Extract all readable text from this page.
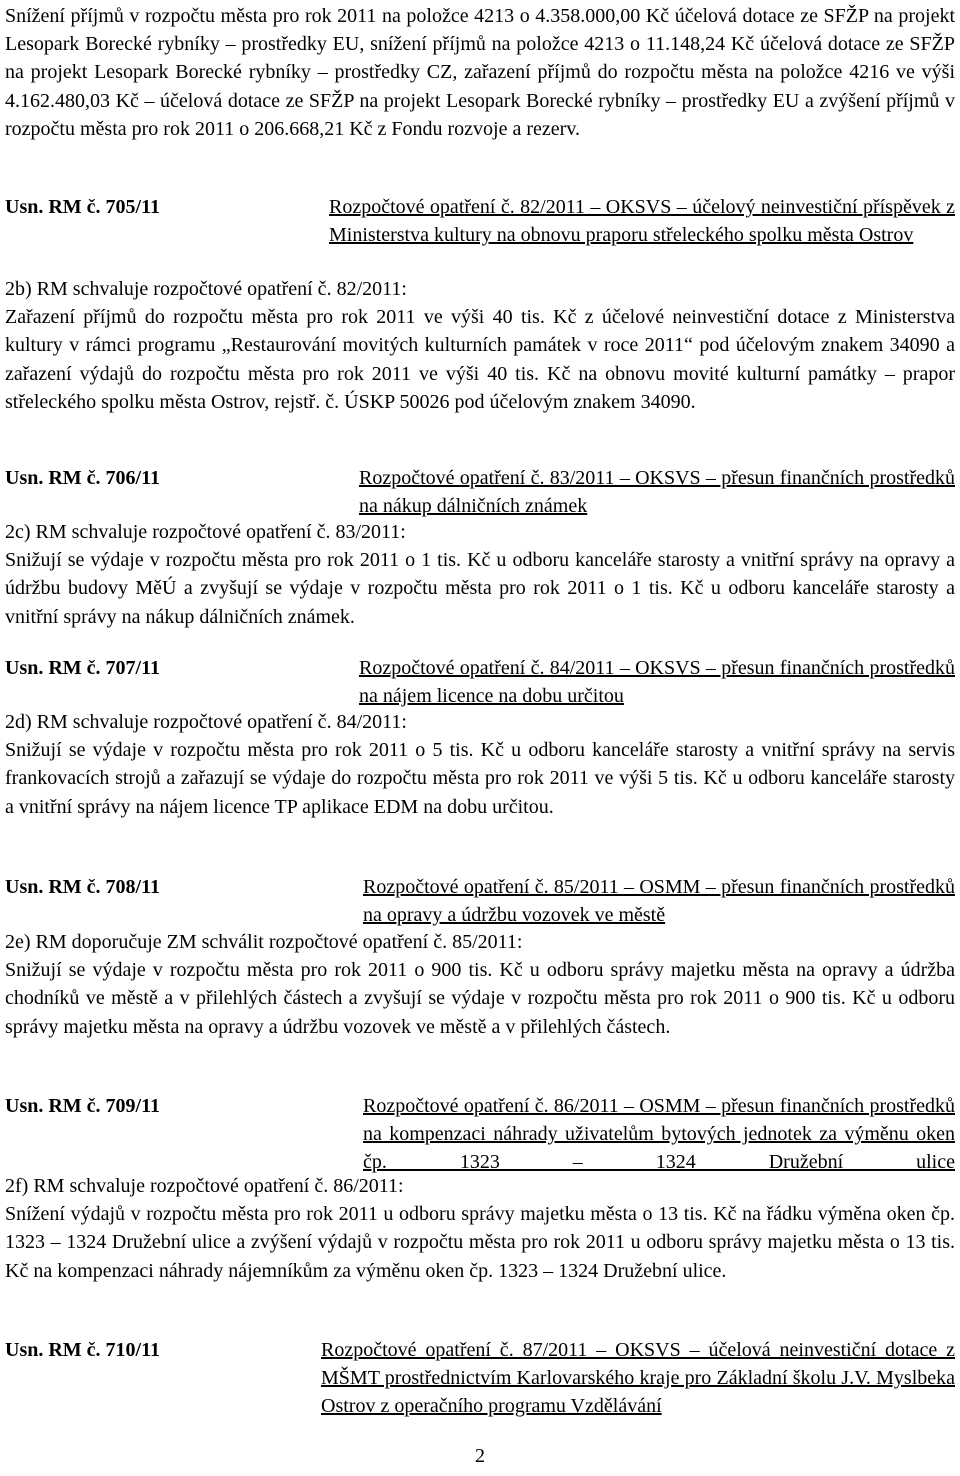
Snížení příjmů v rozpočtu města pro rok 2011 na položce 4213 o 4.358.000,00 Kč účelová dotace ze SFŽP na projekt Lesopark Borecké rybníky – prostředky EU, snížení příjmů na položce 4213 o 11.148,24 Kč účelová dotace ze SFŽP na projekt Lesopark Borecké rybníky – prostředky CZ, zařazení příjmů do rozpočtu města na položce 4216 ve výši 4.162.480,03 Kč – účelová dotace ze SFŽP na projekt Lesopark Borecké rybníky – prostředky EU a zvýšení příjmů v rozpočtu města pro rok 2011 o 206.668,21 Kč z Fondu rozvoje a rezerv.
Usn. RM č. 705/11	Rozpočtové opatření č. 82/2011 – OKSVS – účelový neinvestiční příspěvek z Ministerstva kultury na obnovu praporu střeleckého spolku města Ostrov

2b) RM schvaluje rozpočtové opatření č. 82/2011:

Zařazení příjmů do rozpočtu města pro rok 2011 ve výši 40 tis. Kč z účelové neinvestiční dotace z Ministerstva kultury v rámci programu „Restaurování movitých kulturních památek v roce 2011“ pod účelovým znakem 34090 a zařazení výdajů do rozpočtu města pro rok 2011 ve výši 40 tis. Kč na obnovu movité kulturní památky – prapor střeleckého spolku města Ostrov, rejstř. č. ÚSKP 50026 pod účelovým znakem 34090.

Usn. RM č. 706/11	Rozpočtové opatření č. 83/2011 – OKSVS – přesun finančních prostředků na nákup dálničních známek

2c) RM schvaluje rozpočtové opatření č. 83/2011:

Snižují se výdaje v rozpočtu města pro rok 2011 o 1 tis. Kč u odboru kanceláře starosty a vnitřní správy na opravy a údržbu budovy MěÚ a zvyšují se výdaje v rozpočtu města pro rok 2011 o 1 tis. Kč u odboru kanceláře starosty a vnitřní správy na nákup dálničních známek.

Usn. RM č. 707/11	Rozpočtové opatření č. 84/2011 – OKSVS – přesun finančních prostředků na nájem licence na dobu určitou

2d) RM schvaluje rozpočtové opatření č. 84/2011:

Snižují se výdaje v rozpočtu města pro rok 2011 o 5 tis. Kč u odboru kanceláře starosty a vnitřní správy na servis frankovacích strojů a zařazují se výdaje do rozpočtu města pro rok 2011 ve výši 5 tis. Kč u odboru kanceláře starosty a vnitřní správy na nájem licence TP aplikace EDM na dobu určitou.

Usn. RM č. 708/11	Rozpočtové opatření č. 85/2011 – OSMM – přesun finančních prostředků na opravy a údržbu vozovek ve městě

2e) RM doporučuje ZM schválit rozpočtové opatření č. 85/2011:

Snižují se výdaje v rozpočtu města pro rok 2011 o 900 tis. Kč u odboru správy majetku města na opravy a údržba chodníků ve městě a v přilehlých částech a zvyšují se výdaje v rozpočtu města pro rok 2011 o 900 tis. Kč u odboru správy majetku města na opravy a údržbu vozovek ve městě a v přilehlých částech.

Usn. RM č. 709/11	Rozpočtové opatření č. 86/2011 – OSMM – přesun finančních prostředků na kompenzaci náhrady uživatelům bytových jednotek za výměnu oken čp. 1323 – 1324 Družební ulice

2f) RM schvaluje rozpočtové opatření č. 86/2011:

Snížení výdajů v rozpočtu města pro rok 2011 u odboru správy majetku města o 13 tis. Kč na řádku výměna oken čp. 1323 – 1324 Družební ulice a zvýšení výdajů v rozpočtu města pro rok 2011 u odboru správy majetku města o 13 tis. Kč na kompenzaci náhrady nájemníkům za výměnu oken čp. 1323 – 1324 Družební ulice.

Usn. RM č. 710/11	Rozpočtové opatření č. 87/2011 – OKSVS – účelová neinvestiční dotace z MŠMT prostřednictvím Karlovarského kraje pro Základní školu J.V. Myslbeka Ostrov z operačního programu Vzdělávání
2
